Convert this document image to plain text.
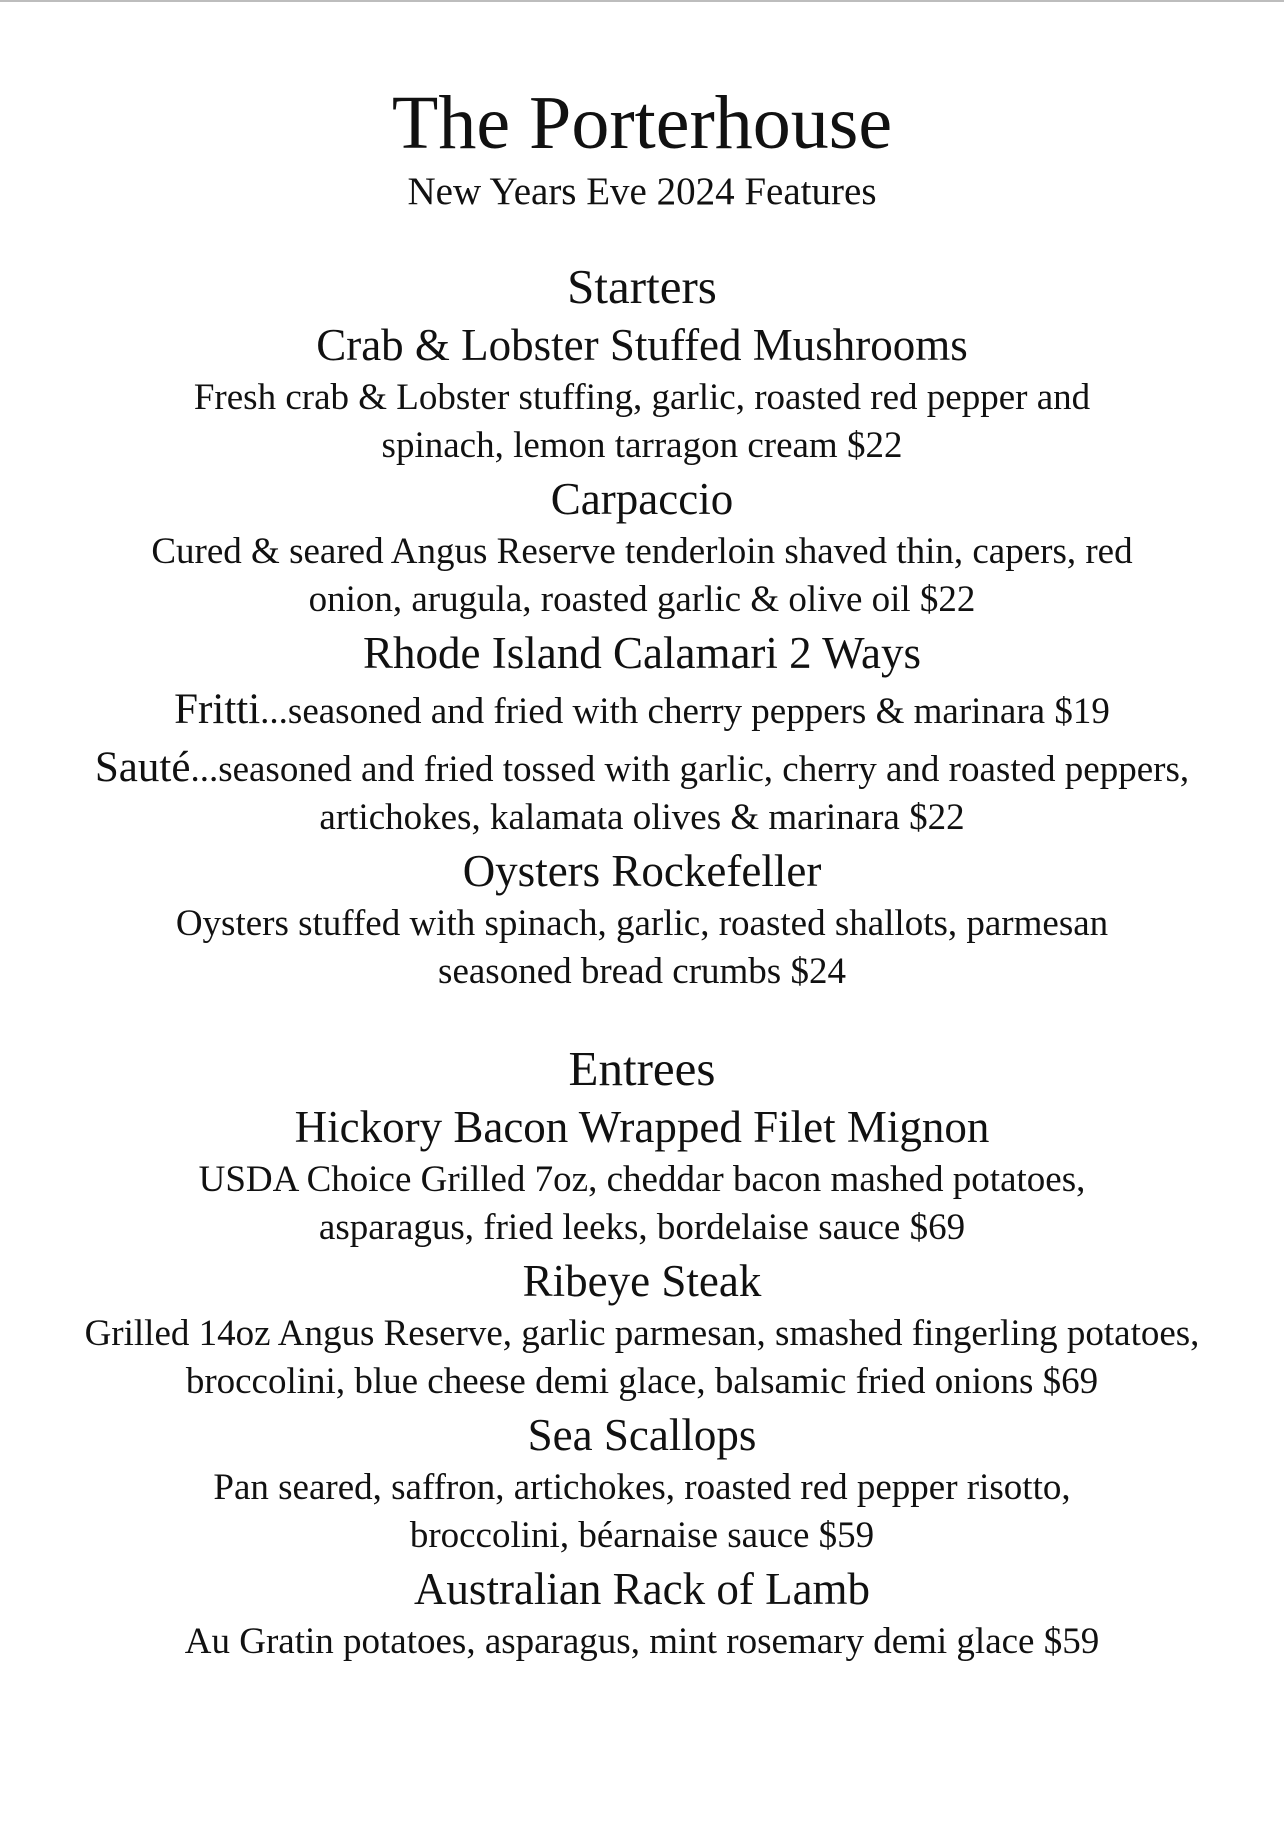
The Porterhouse

New Years Eve 2024 Features

Starters
Crab & Lobster Stuffed Mushrooms

Fresh crab & Lobster stuffing, garlic, roasted red pepper and spinach, lemon tarragon cream $22

Carpaccio

Cured & seared Angus Reserve tenderloin shaved thin, capers, red onion, arugula, roasted garlic & olive oil $22

Rhode Island Calamari 2 Ways

Fritti...seasoned and fried with cherry peppers & marinara $19

Sauté...seasoned and fried tossed with garlic, cherry and roasted peppers, artichokes, kalamata olives & marinara $22

Oysters Rockefeller

Oysters stuffed with spinach, garlic, roasted shallots, parmesan seasoned bread crumbs $24

Entrees
Hickory Bacon Wrapped Filet Mignon

USDA Choice Grilled 7oz, cheddar bacon mashed potatoes, asparagus, fried leeks, bordelaise sauce $69

Ribeye Steak

Grilled 14oz Angus Reserve, garlic parmesan, smashed fingerling potatoes, broccolini, blue cheese demi glace, balsamic fried onions $69

Sea Scallops

Pan seared, saffron, artichokes, roasted red pepper risotto, broccolini, béarnaise sauce $59

Australian Rack of Lamb

Au Gratin potatoes, asparagus, mint rosemary demi glace $59
